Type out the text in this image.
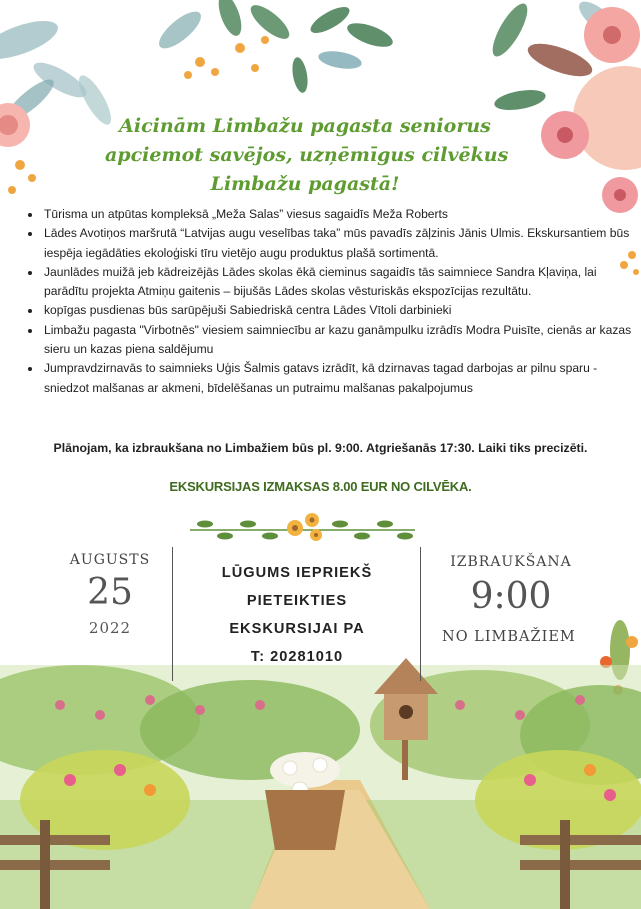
Aicinām Limbažu pagasta seniorus
apciemot savējos, uzņēmīgus cilvēkus
Limbažu pagastā!
• Tūrisma un atpūtas kompleksā „Meža Salas” viesus sagaidīs Meža Roberts
• Lādes Avotiņos maršrutā “Latvijas augu veselības taka” mūs pavadīs zāļzinis Jānis Ulmis. Ekskursantiem būs iespēja iegādāties ekoloģiski tīru vietējo augu produktus plašā sortimentā.
• Jaunlādes muižā jeb kādreizējās Lādes skolas ēkā cieminus sagaidīs tās saimniece Sandra Kļaviņa, lai parādītu projekta Atmiņu gaitenis – bijušās Lādes skolas vēsturiskās ekspozīcijas rezultātu.
• kopīgas pusdienas būs sarūpējuši Sabiedriskā centra Lādes Vītoli darbinieki
• Limbažu pagasta "Virbotnēs" viesiem saimniecību ar kazu ganāmpulku izrādīs Modra Puisīte, cienās ar kazas sieru un kazas piena saldējumu
• Jumpravdzirnavās to saimnieks Uģis Šalmis gatavs izrādīt, kā dzirnavas tagad darbojas ar pilnu sparu - sniedzot malšanas ar akmeni, bīdelēšanas un putraimu malšanas pakalpojumus
Plānojam, ka izbraukšana no Limbažiem būs pl. 9:00. Atgriešanās 17:30. Laiki tiks precizēti.
EKSKURSIJAS IZMAKSAS 8.00 EUR NO CILVĒKA.
AUGUSTS
25
2022
LŪGUMS IEPRIEKŠ
PIETEIKTIES
EKSKURSIJAI PA
T: 20281010
IZBRAUKŠANA
9:00
NO LIMBAŽIEM
